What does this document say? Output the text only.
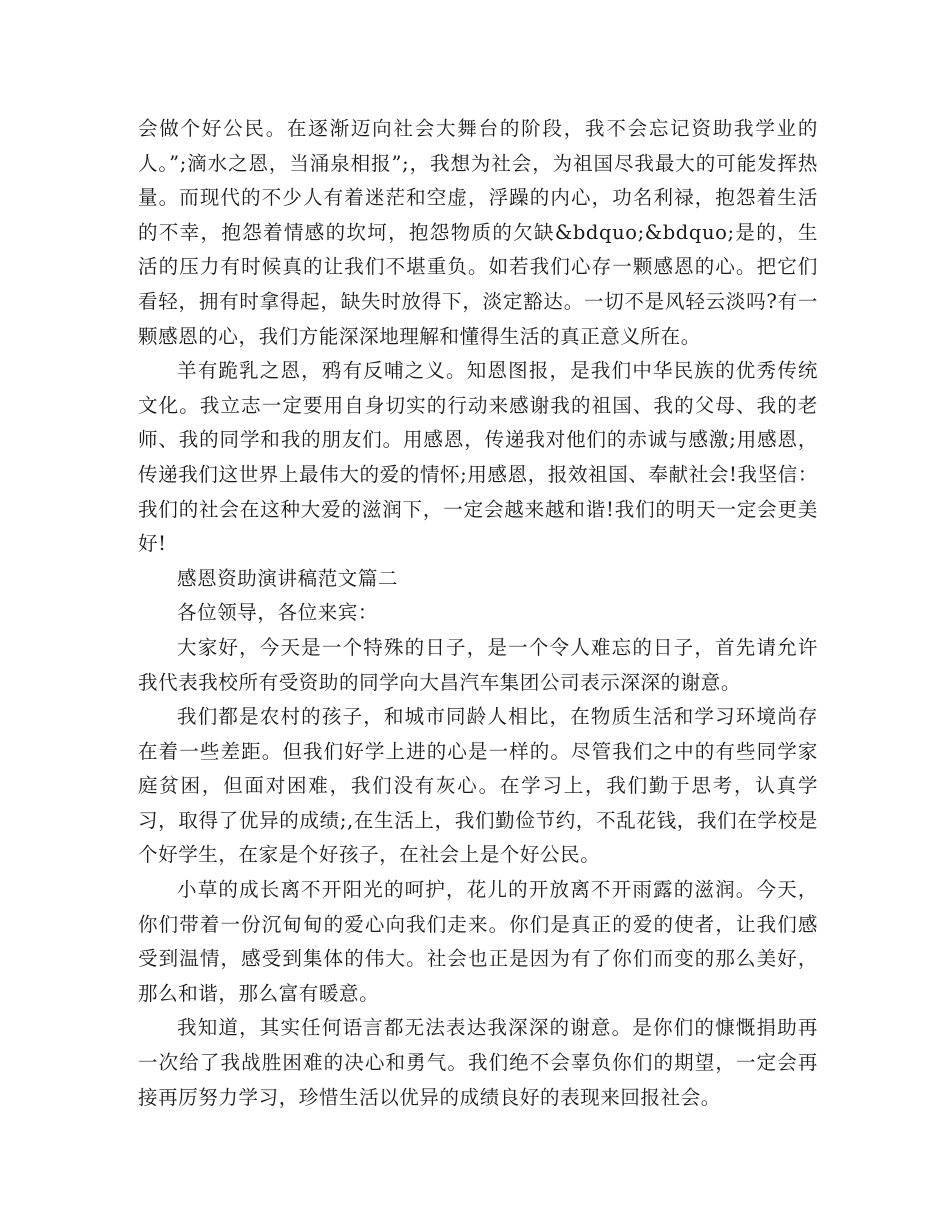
会做个好公民。在逐渐迈向社会大舞台的阶段，我不会忘记资助我学业的人。”;滴水之恩，当涌泉相报”;，我想为社会，为祖国尽我最大的可能发挥热量。而现代的不少人有着迷茫和空虚，浮躁的内心，功名利禄，抱怨着生活的不幸，抱怨着情感的坎坷，抱怨物质的欠缺&bdquo;&bdquo;是的，生活的压力有时候真的让我们不堪重负。如若我们心存一颗感恩的心。把它们看轻，拥有时拿得起，缺失时放得下，淡定豁达。一切不是风轻云淡吗?有一颗感恩的心，我们方能深深地理解和懂得生活的真正意义所在。

羊有跪乳之恩，鸦有反哺之义。知恩图报，是我们中华民族的优秀传统文化。我立志一定要用自身切实的行动来感谢我的祖国、我的父母、我的老师、我的同学和我的朋友们。用感恩，传递我对他们的赤诚与感激;用感恩，传递我们这世界上最伟大的爱的情怀;用感恩，报效祖国、奉献社会!我坚信：我们的社会在这种大爱的滋润下，一定会越来越和谐!我们的明天一定会更美好!

感恩资助演讲稿范文篇二

各位领导，各位来宾：

大家好，今天是一个特殊的日子，是一个令人难忘的日子，首先请允许我代表我校所有受资助的同学向大昌汽车集团公司表示深深的谢意。

我们都是农村的孩子，和城市同龄人相比，在物质生活和学习环境尚存在着一些差距。但我们好学上进的心是一样的。尽管我们之中的有些同学家庭贫困，但面对困难，我们没有灰心。在学习上，我们勤于思考，认真学习，取得了优异的成绩;,在生活上，我们勤俭节约，不乱花钱，我们在学校是个好学生，在家是个好孩子，在社会上是个好公民。

小草的成长离不开阳光的呵护，花儿的开放离不开雨露的滋润。今天，你们带着一份沉甸甸的爱心向我们走来。你们是真正的爱的使者，让我们感受到温情，感受到集体的伟大。社会也正是因为有了你们而变的那么美好，那么和谐，那么富有暖意。

我知道，其实任何语言都无法表达我深深的谢意。是你们的慷慨捐助再一次给了我战胜困难的决心和勇气。我们绝不会辜负你们的期望，一定会再接再厉努力学习，珍惜生活以优异的成绩良好的表现来回报社会。
